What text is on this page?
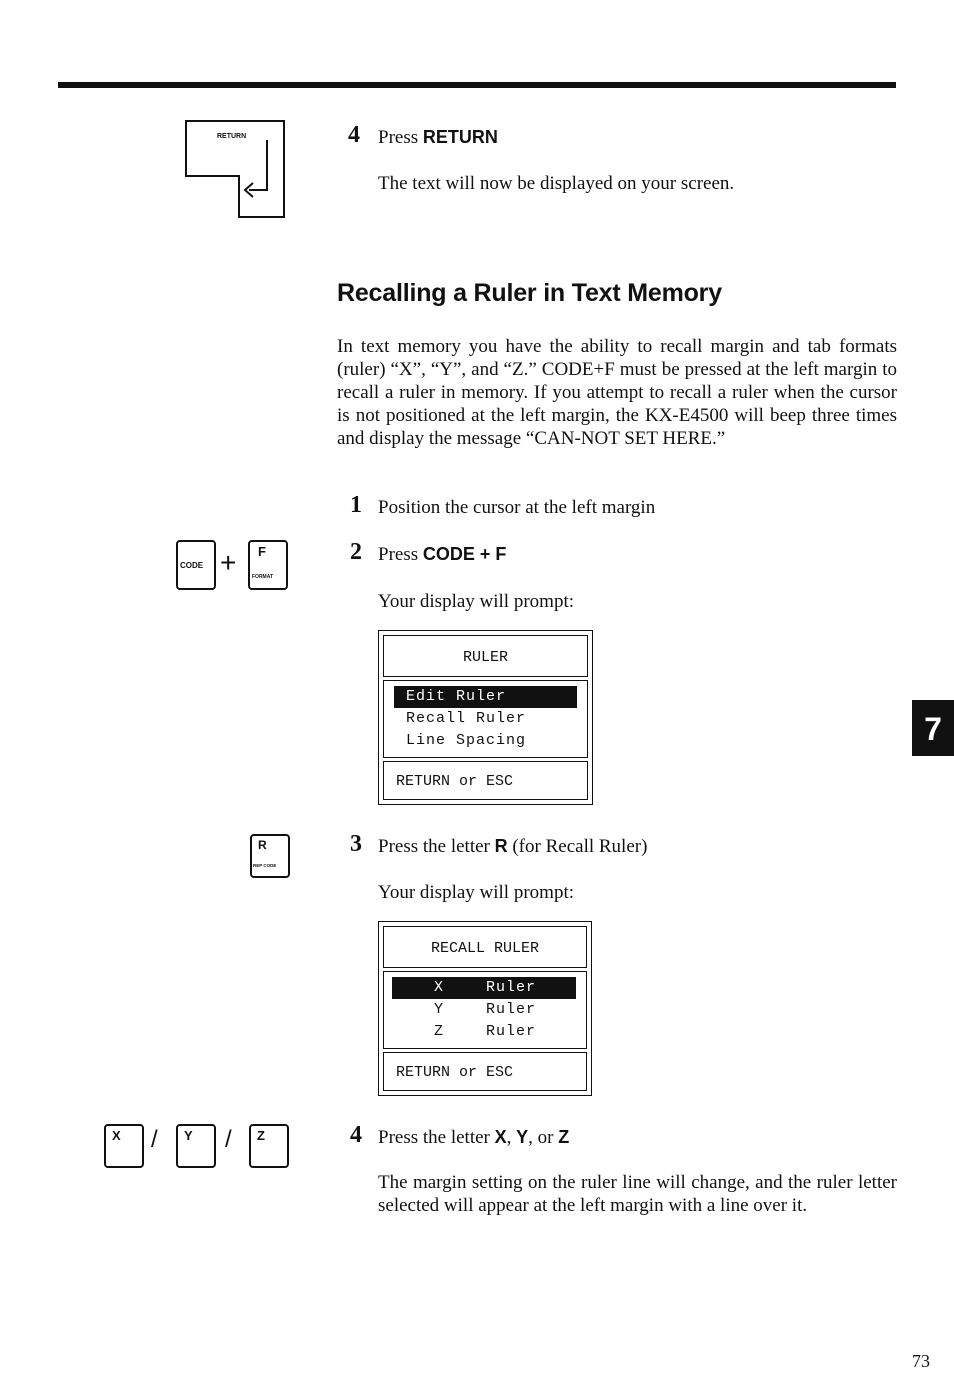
RETURN	4 Press RETURN
The text will now be displayed on your screen.
Recalling a Ruler in Text Memory
In text memory you have the ability to recall margin and tab formats (ruler) “X”, “Y”, and “Z.” CODE+F must be pressed at the left margin to recall a ruler in memory. If you attempt to recall a ruler when the cursor is not positioned at the left margin, the KX-E4500 will beep three times and display the message “CAN-NOT SET HERE.”
1 Position the cursor at the left margin
CODE + F
FORMAT
2 Press CODE + F
Your display will prompt:
RULER
Edit Ruler
Recall Ruler
Line Spacing
RETURN or ESC
7
R
REP CODE
3 Press the letter R (for Recall Ruler)
Your display will prompt:
RECALL RULER
X	Ruler
Y	Ruler
Z	Ruler
RETURN or ESC
X / Y / Z	4 Press the letter X, Y, or Z
The margin setting on the ruler line will change, and the ruler letter selected will appear at the left margin with a line over it.
73
